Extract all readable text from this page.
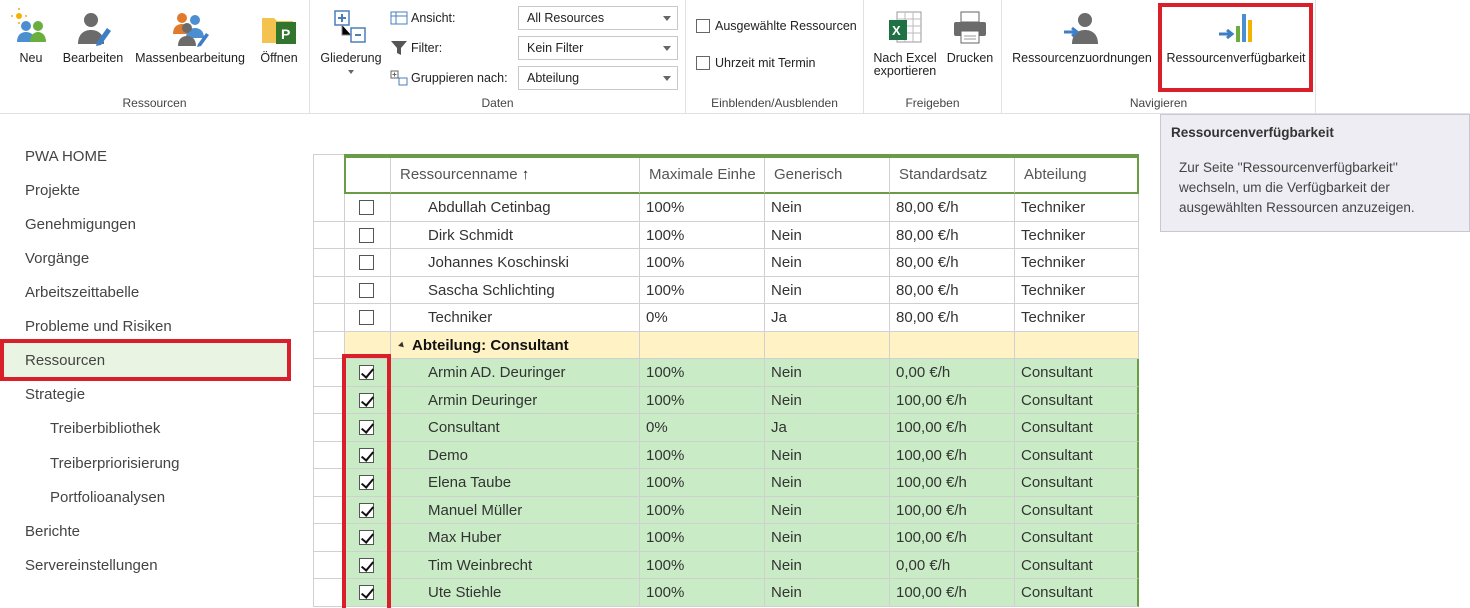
Neu	Bearbeiten Massenbearbeitung
P
Öffnen
Ressourcen
Gliederung
Ansicht:	All Resources
Filter:	Kein Filter
Gruppieren nach:	Abteilung
Daten
Ausgewählte Ressourcen
Uhrzeit mit Termin
Einblenden/Ausblenden
X
Nach Excel
exportieren
Drucken
Freigeben
Ressourcenzuordnungen	Ressourcenverfügbarkeit
Navigieren
Ressourcenverfügbarkeit
Zur Seite ''Ressourcenverfügbarkeit'' wechseln, um die Verfügbarkeit der ausgewählten Ressourcen anzuzeigen.
PWA HOME
Projekte
Genehmigungen
Vorgänge
Arbeitszeittabelle
Probleme und Risiken
Ressourcen
Strategie
Treiberbibliothek
Treiberpriorisierung
Portfolioanalysen
Berichte
Servereinstellungen
Ressourcenname ↑	Maximale Einhe	Generisch	Standardsatz	Abteilung
Abdullah Cetinbag	100%	Nein	80,00 €/h	Techniker
Dirk Schmidt	100%	Nein	80,00 €/h	Techniker
Johannes Koschinski	100%	Nein	80,00 €/h	Techniker
Sascha Schlichting	100%	Nein	80,00 €/h	Techniker
Techniker	0%	Ja	80,00 €/h	Techniker
Abteilung: Consultant
Armin AD. Deuringer	100%	Nein	0,00 €/h	Consultant
Armin Deuringer	100%	Nein	100,00 €/h	Consultant
Consultant	0%	Ja	100,00 €/h	Consultant
Demo	100%	Nein	100,00 €/h	Consultant
Elena Taube	100%	Nein	100,00 €/h	Consultant
Manuel Müller	100%	Nein	100,00 €/h	Consultant
Max Huber	100%	Nein	100,00 €/h	Consultant
Tim Weinbrecht	100%	Nein	0,00 €/h	Consultant
Ute Stiehle	100%	Nein	100,00 €/h	Consultant
